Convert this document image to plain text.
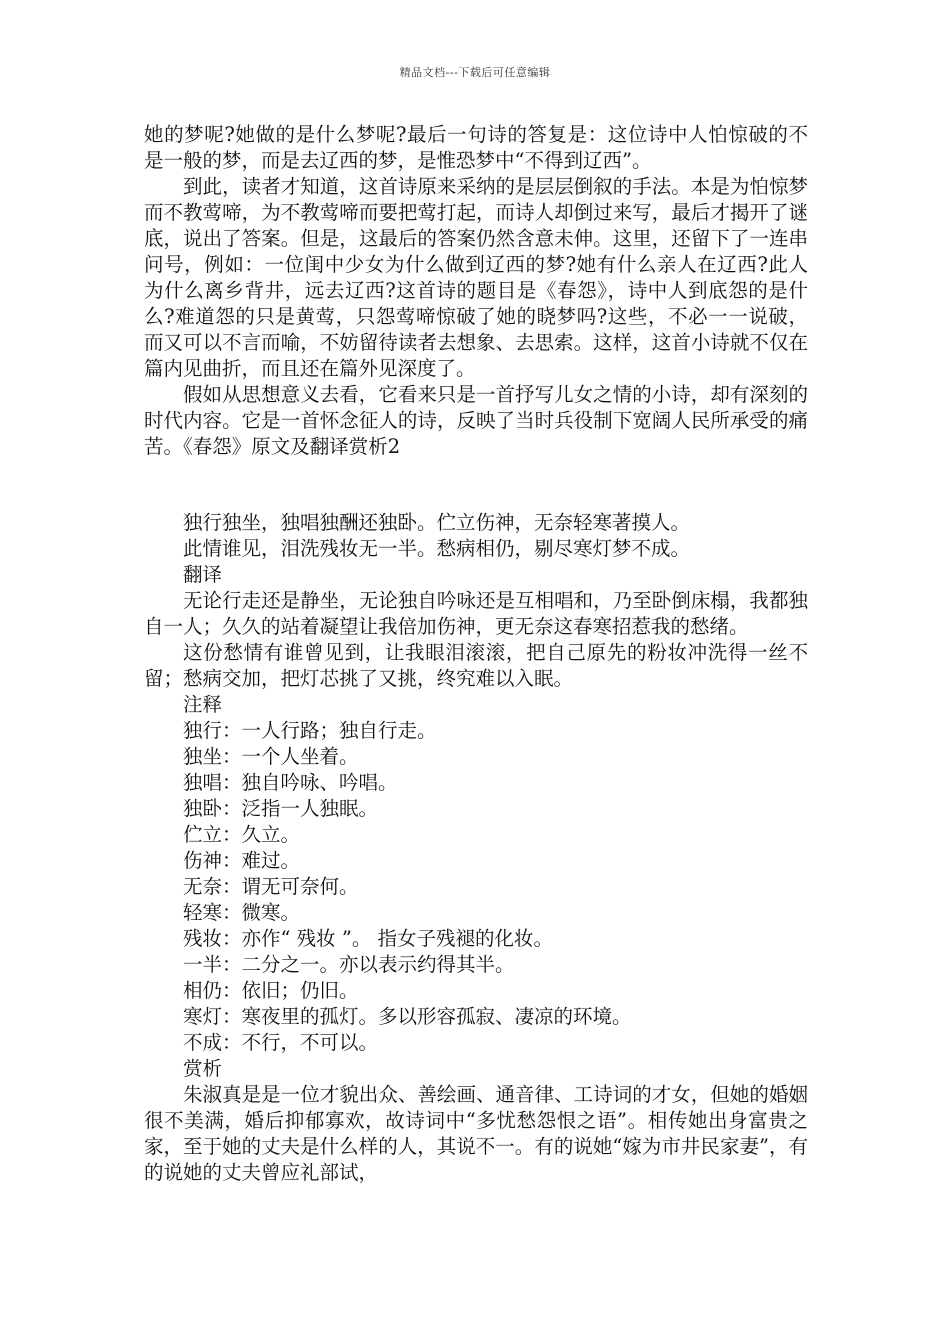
精品文档---下载后可任意编辑

她的梦呢?她做的是什么梦呢?最后一句诗的答复是：这位诗中人怕惊破的不是一般的梦，而是去辽西的梦，是惟恐梦中“不得到辽西”。

到此，读者才知道，这首诗原来采纳的是层层倒叙的手法。本是为怕惊梦而不教莺啼，为不教莺啼而要把莺打起，而诗人却倒过来写，最后才揭开了谜底，说出了答案。但是，这最后的答案仍然含意未伸。这里，还留下了一连串问号，例如：一位闺中少女为什么做到辽西的梦?她有什么亲人在辽西?此人为什么离乡背井，远去辽西?这首诗的题目是《春怨》，诗中人到底怨的是什么?难道怨的只是黄莺，只怨莺啼惊破了她的晓梦吗?这些，不必一一说破，而又可以不言而喻，不妨留待读者去想象、去思索。这样，这首小诗就不仅在篇内见曲折，而且还在篇外见深度了。

假如从思想意义去看，它看来只是一首抒写儿女之情的小诗，却有深刻的时代内容。它是一首怀念征人的诗，反映了当时兵役制下宽阔人民所承受的痛苦。《春怨》原文及翻译赏析2

独行独坐，独唱独酬还独卧。伫立伤神，无奈轻寒著摸人。

此情谁见，泪洗残妆无一半。愁病相仍，剔尽寒灯梦不成。

翻译

无论行走还是静坐，无论独自吟咏还是互相唱和，乃至卧倒床榻，我都独自一人；久久的站着凝望让我倍加伤神，更无奈这春寒招惹我的愁绪。

这份愁情有谁曾见到，让我眼泪滚滚，把自己原先的粉妆冲洗得一丝不留；愁病交加，把灯芯挑了又挑，终究难以入眠。

注释

独行：一人行路；独自行走。

独坐：一个人坐着。

独唱：独自吟咏、吟唱。

独卧：泛指一人独眠。

伫立：久立。

伤神：难过。

无奈：谓无可奈何。

轻寒：微寒。

残妆：亦作“ 残妆 ”。 指女子残褪的化妆。

一半：二分之一。亦以表示约得其半。

相仍：依旧；仍旧。

寒灯：寒夜里的孤灯。多以形容孤寂、凄凉的环境。

不成：不行，不可以。

赏析

朱淑真是是一位才貌出众、善绘画、通音律、工诗词的才女，但她的婚姻很不美满，婚后抑郁寡欢，故诗词中“多忧愁怨恨之语”。相传她出身富贵之家，至于她的丈夫是什么样的人，其说不一。有的说她“嫁为市井民家妻”，有的说她的丈夫曾应礼部试，
